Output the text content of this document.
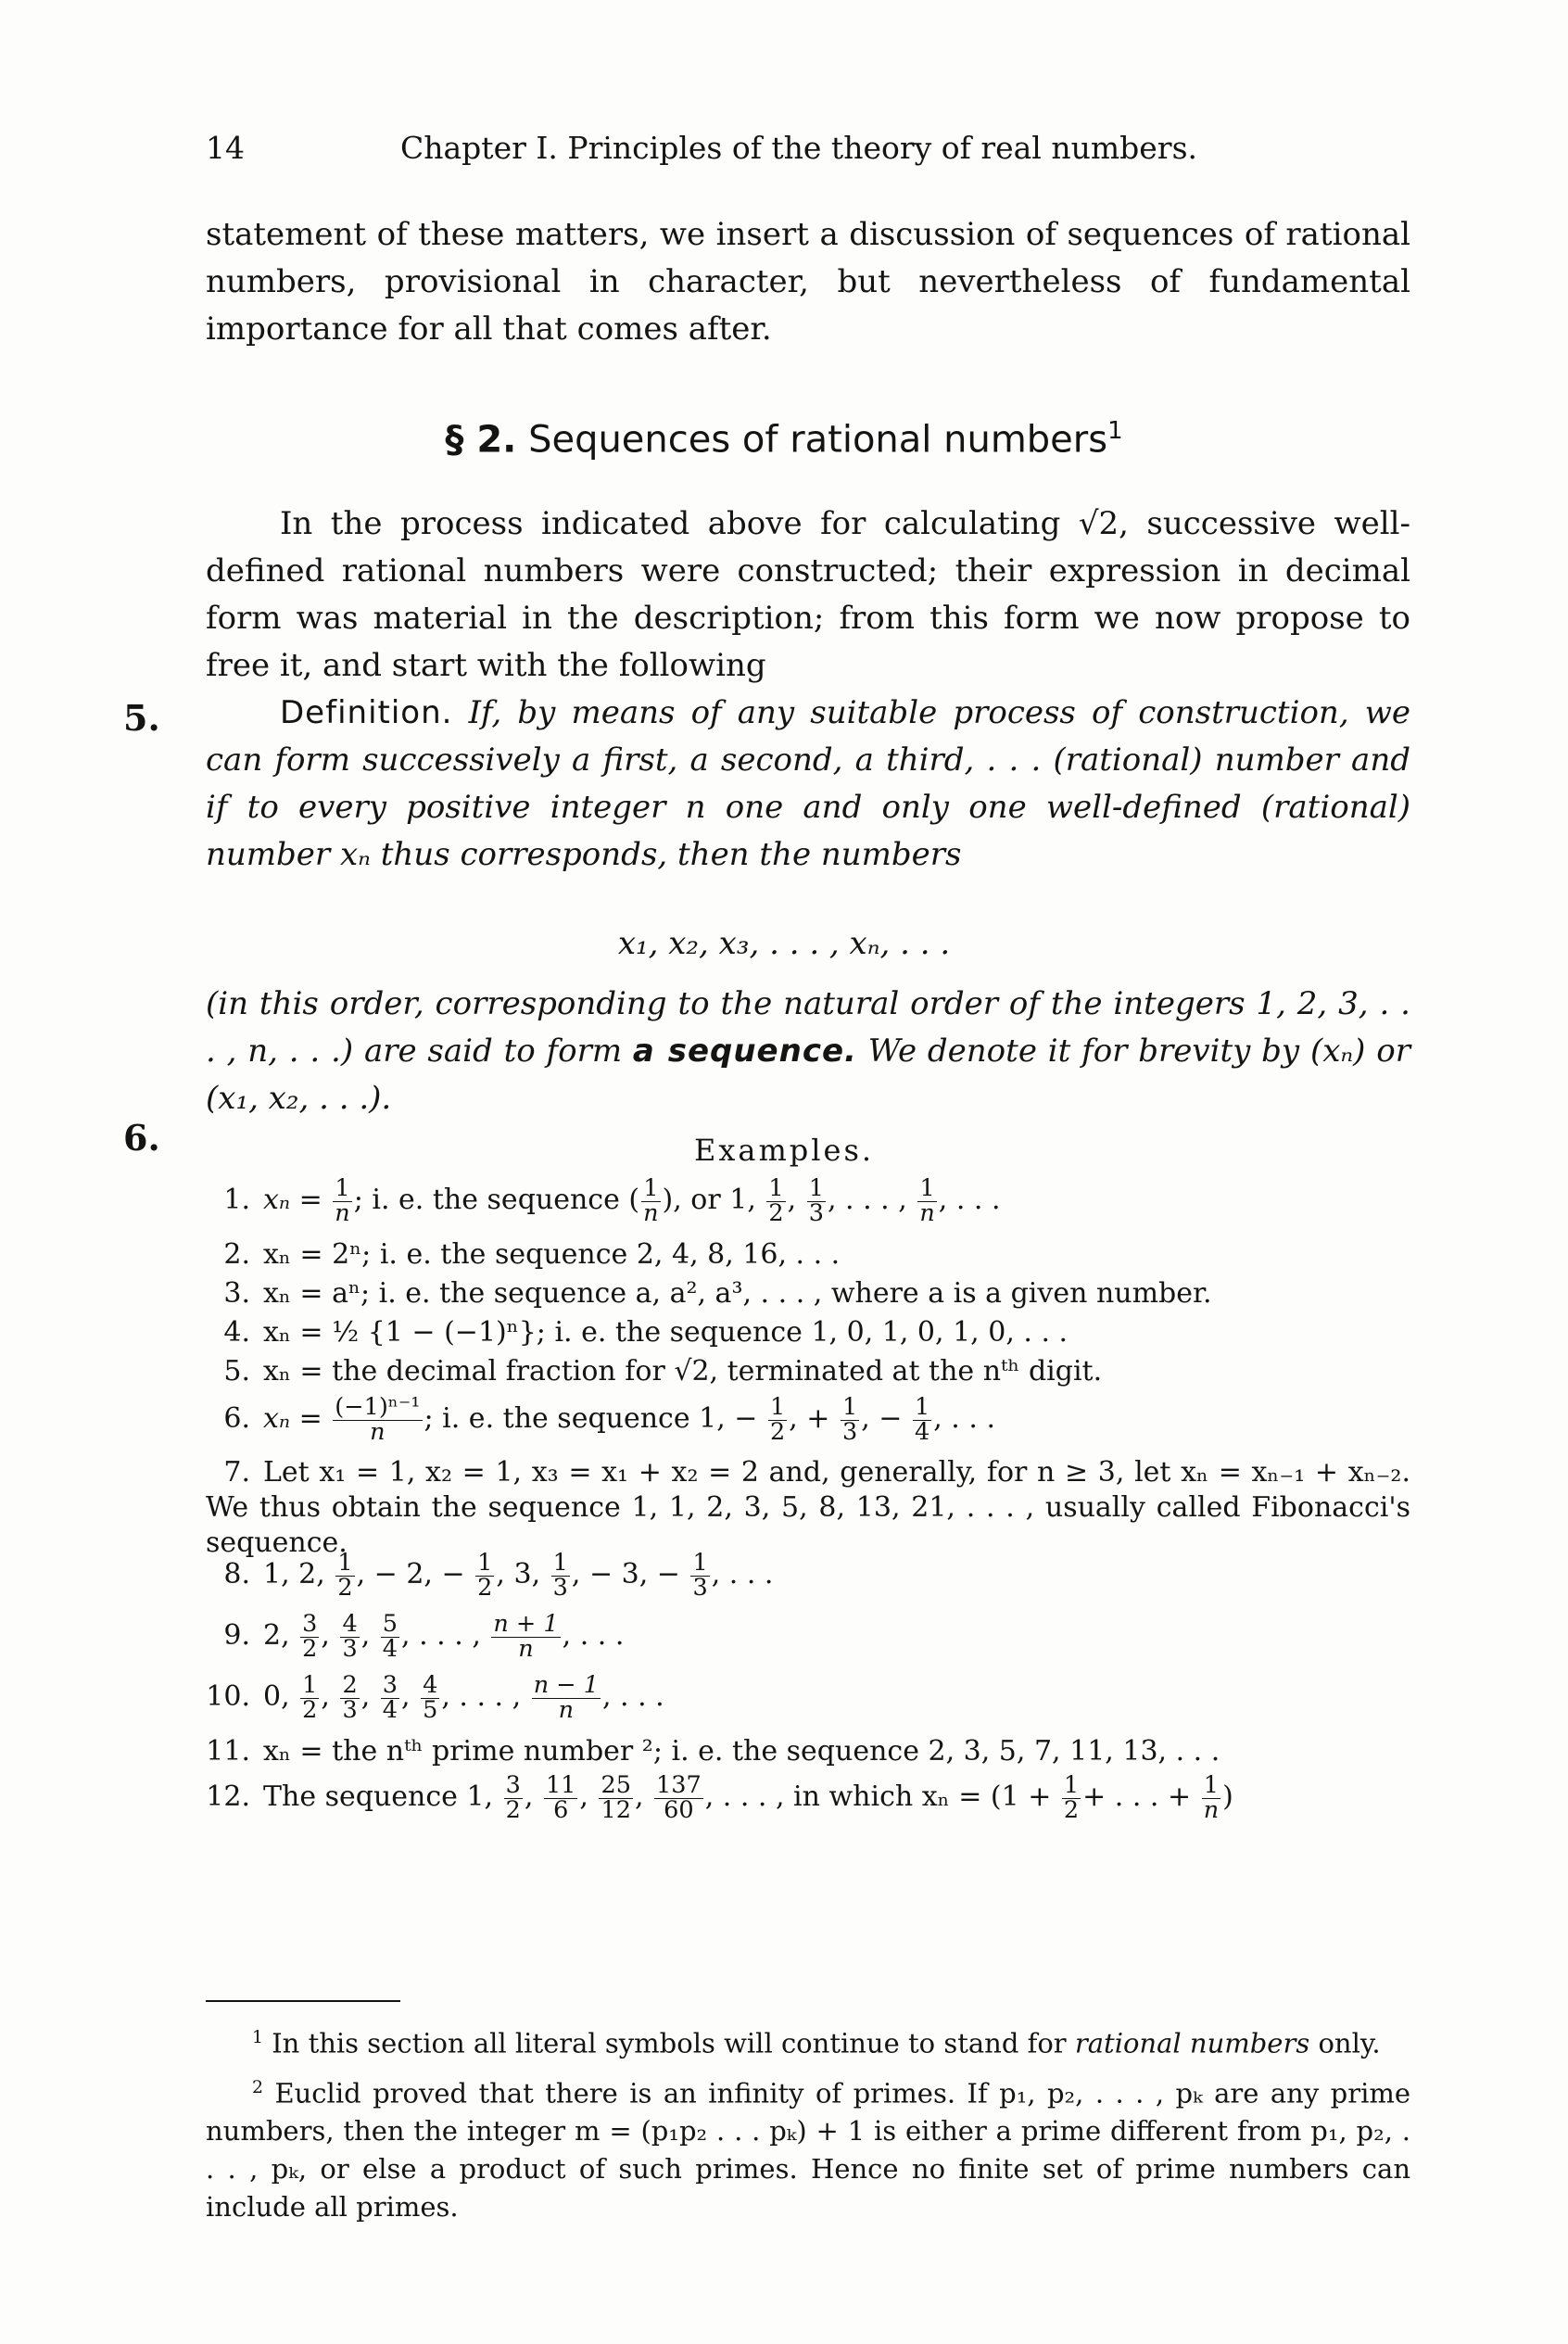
14	Chapter I. Principles of the theory of real numbers.

statement of these matters, we insert a discussion of sequences of rational numbers, provisional in character, but nevertheless of fundamental importance for all that comes after.

§ 2. Sequences of rational numbers$^1$

In the process indicated above for calculating √2, successive well-defined rational numbers were constructed; their expression in decimal form was material in the description; from this form we now propose to free it, and start with the following

5.	Definition. If, by means of any suitable process of construction, we can form successively a first, a second, a third, . . . (rational) number and if to every positive integer n one and only one well-defined (rational) number xₙ thus corresponds, then the numbers

x₁, x₂, x₃, . . . , xₙ, . . .

(in this order, corresponding to the natural order of the integers 1, 2, 3, . . . , n, . . .) are said to form a sequence. We denote it for brevity by (xₙ) or (x₁, x₂, . . .).

6.	Examples.
1. $x_n = \frac{1}{n}$ ; i. e. the sequence ( $\frac{1}{n}$ ), or 1, $\frac{1}{2}$ , $\frac{1}{3}$ , . . . , $\frac{1}{n}$ , . . .
2. xₙ = 2ⁿ; i. e. the sequence 2, 4, 8, 16, . . .
3. xₙ = aⁿ; i. e. the sequence a, a², a³, . . . , where a is a given number.
4. xₙ = ½ {1 − (−1)ⁿ}; i. e. the sequence 1, 0, 1, 0, 1, 0, . . .
5. xₙ = the decimal fraction for √2, terminated at the nᵗʰ digit.
6. $x_n = \frac{\text{(−1)ⁿ⁻¹}}{n}$ ; i. e. the sequence 1, − $\frac{1}{2}$ , + $\frac{1}{3}$ , − $\frac{1}{4}$ , . . .
7. Let x₁ = 1, x₂ = 1, x₃ = x₁ + x₂ = 2 and, generally, for n ≥ 3, let xₙ = xₙ₋₁ + xₙ₋₂. We thus obtain the sequence 1, 1, 2, 3, 5, 8, 13, 21, . . . , usually called Fibonacci's sequence.
8. 1, 2, $\frac{1}{2}$ , − 2, − $\frac{1}{2}$ , 3, $\frac{1}{3}$ , − 3, − $\frac{1}{3}$ , . . .
9. 2, $\frac{3}{2}$ , $\frac{4}{3}$ , $\frac{5}{4}$ , . . . , $\frac{n + 1}{n}$ , . . .
10. 0, $\frac{1}{2}$ , $\frac{2}{3}$ , $\frac{3}{4}$ , $\frac{4}{5}$ , . . . , $\frac{n - 1}{n}$ , . . .
11. xₙ = the nᵗʰ prime number ²; i. e. the sequence 2, 3, 5, 7, 11, 13, . . .
12. The sequence 1, $\frac{3}{2}$ , $\frac{11}{6}$ , $\frac{25}{12}$ , $\frac{137}{60}$ , . . . , in which $x_n = (1 + \frac{1}{2}$ + . . . + $\frac{1}{n}$ )

$^1$ In this section all literal symbols will continue to stand for rational numbers only.

$^2$ Euclid proved that there is an infinity of primes. If p₁, p₂, . . . , pₖ are any prime numbers, then the integer m = (p₁p₂ . . . pₖ) + 1 is either a prime different from p₁, p₂, . . . , pₖ, or else a product of such primes. Hence no finite set of prime numbers can include all primes.
